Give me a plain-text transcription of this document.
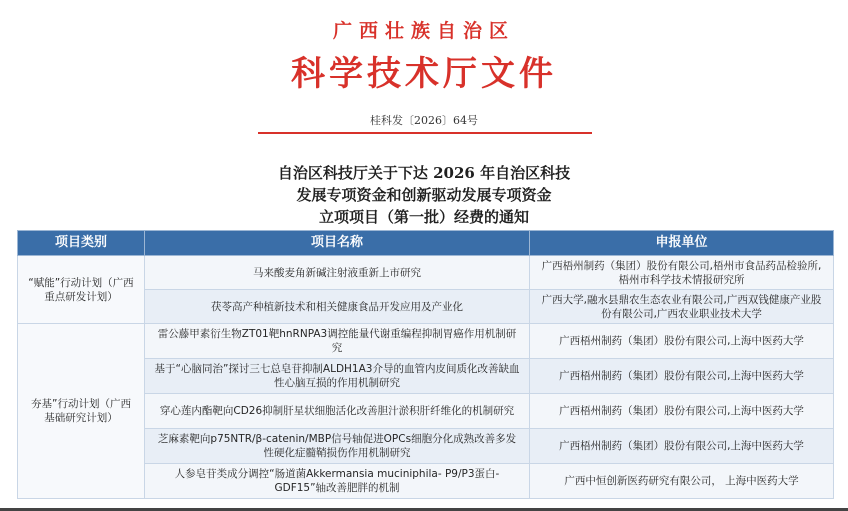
广西壮族自治区
科学技术厅文件
桂科发〔2026〕64号
自治区科技厅关于下达 2026 年自治区科技
发展专项资金和创新驱动发展专项资金
立项项目（第一批）经费的通知
项目类别	项目名称	申报单位
“赋能”行动计划（广西重点研发计划）	马来酸麦角新碱注射液重新上市研究	广西梧州制药（集团）股份有限公司,梧州市食品药品检验所,梧州市科学技术情报研究所
	茯苓高产种植新技术和相关健康食品开发应用及产业化	广西大学,融水县鼎农生态农业有限公司,广西双钱健康产业股份有限公司,广西农业职业技术大学
夯基”行动计划（广西基础研究计划）	雷公藤甲素衍生物ZT01靶hnRNPA3调控能量代谢重编程抑制胃癌作用机制研究	广西梧州制药（集团）股份有限公司,上海中医药大学
	基于“心脑同治”探讨三七总皂苷抑制ALDH1A3介导的血管内皮间质化改善缺血性心脑互损的作用机制研究	广西梧州制药（集团）股份有限公司,上海中医药大学
	穿心莲内酯靶向CD26抑制肝星状细胞活化改善胆汁淤积肝纤维化的机制研究	广西梧州制药（集团）股份有限公司,上海中医药大学
	芝麻素靶向p75NTR/β-catenin/MBP信号轴促进OPCs细胞分化成熟改善多发性硬化症髓鞘损伤作用机制研究	广西梧州制药（集团）股份有限公司,上海中医药大学
	人参皂苷类成分调控“肠道菌Akkermansia muciniphila- P9/P3蛋白-GDF15”轴改善肥胖的机制	广西中恒创新医药研究有限公司， 上海中医药大学
